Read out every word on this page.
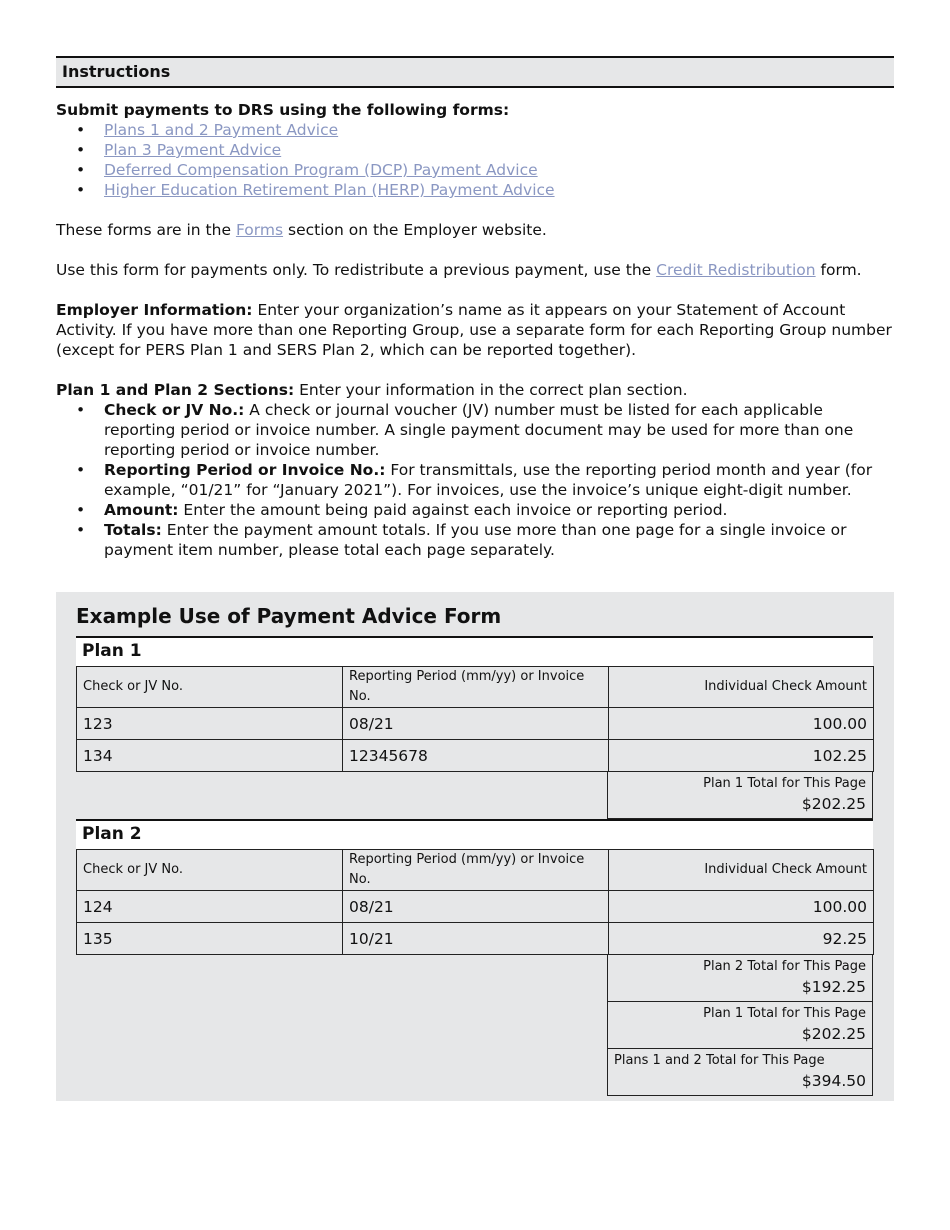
Instructions
Submit payments to DRS using the following forms:
• Plans 1 and 2 Payment Advice
• Plan 3 Payment Advice
• Deferred Compensation Program (DCP) Payment Advice
• Higher Education Retirement Plan (HERP) Payment Advice

These forms are in the Forms section on the Employer website.

Use this form for payments only. To redistribute a previous payment, use the Credit Redistribution form.

Employer Information: Enter your organization’s name as it appears on your Statement of Account Activity. If you have more than one Reporting Group, use a separate form for each Reporting Group number (except for PERS Plan 1 and SERS Plan 2, which can be reported together).

Plan 1 and Plan 2 Sections: Enter your information in the correct plan section.

• Check or JV No.: A check or journal voucher (JV) number must be listed for each applicable reporting period or invoice number. A single payment document may be used for more than one reporting period or invoice number.
• Reporting Period or Invoice No.: For transmittals, use the reporting period month and year (for example, “01/21” for “January 2021”). For invoices, use the invoice’s unique eight-digit number.
• Amount: Enter the amount being paid against each invoice or reporting period.
• Totals: Enter the payment amount totals. If you use more than one page for a single invoice or payment item number, please total each page separately.
Example Use of Payment Advice Form
Plan 1
Check or JV No.	Reporting Period (mm/yy) or Invoice No.	Individual Check Amount
123	08/21	100.00
134	12345678	102.25
Plan 1 Total for This Page
$202.25
Plan 2
Check or JV No.	Reporting Period (mm/yy) or Invoice No.	Individual Check Amount
124	08/21	100.00
135	10/21	92.25
Plan 2 Total for This Page
$192.25
Plan 1 Total for This Page
$202.25
Plans 1 and 2 Total for This Page
$394.50
